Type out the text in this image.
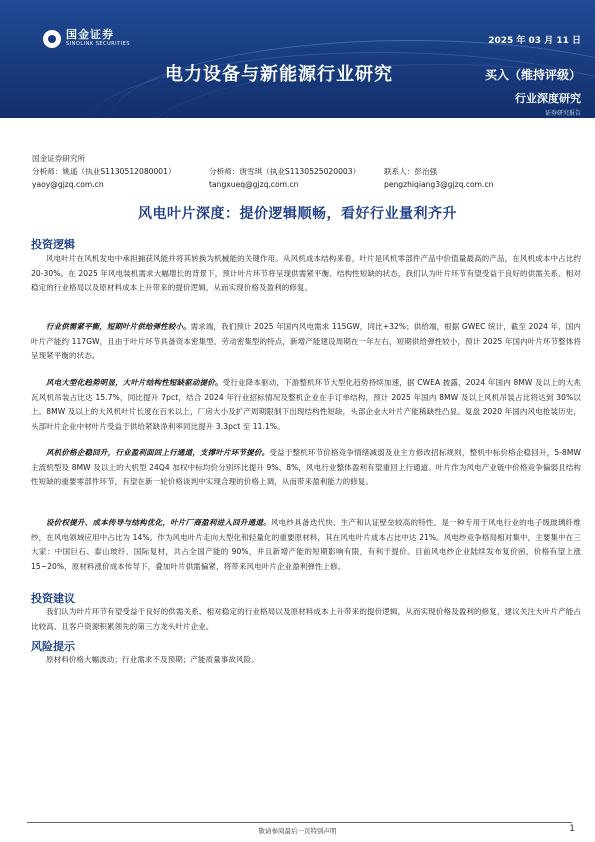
国金证券
SINOLINK SECURITIES	2025 年 03 月 11 日
电力设备与新能源行业研究	买入（维持评级）
行业深度研究
证券研究报告
国金证券研究所
分析师：姚遥（执业S1130512080001）	分析师：唐雪琪（执业S1130525020003）	联系人：彭治强
yaoy@gjzq.com.cn	tangxueq@gjzq.com.cn	pengzhiqiang3@gjzq.com.cn
风电叶片深度：提价逻辑顺畅，看好行业量利齐升
投资逻辑
风电叶片在风机发电中承担捕获风能并将其转换为机械能的关键作用。从风机成本结构来看，叶片是风机零部件产品中价值量最高的产品，在风机成本中占比约 20-30%。在 2025 年风电装机需求大幅增长的背景下，预计叶片环节将呈现供需紧平衡、结构性短缺的状态，我们认为叶片环节有望受益于良好的供需关系、相对稳定的行业格局以及原材料成本上升带来的提价逻辑，从而实现价格及盈利的修复。
行业供需紧平衡，短期叶片供给弹性较小。需求端，我们预计 2025 年国内风电需求 115GW，同比+32%；供给端，根据 GWEC 统计，截至 2024 年，国内叶片产能约 117GW，且由于叶片环节具备资本密集型、劳动密集型的特点，新增产能建设周期在一年左右，短期供给弹性较小，预计 2025 年国内叶片环节整体将呈现紧平衡的状态。
风电大型化趋势明显，大叶片结构性短缺驱动提价。受行业降本驱动，下游整机环节大型化趋势持续加速，据 CWEA 披露，2024 年国内 8MW 及以上的大兆瓦风机吊装占比达 15.7%，同比提升 7pct，结合 2024 年行业招标情况及整机企业在手订单结构，预计 2025 年国内 8MW 及以上风机吊装占比将达到 30%以上。8MW 及以上的大风机叶片长度在百米以上，厂房大小及扩产周期限制下出现结构性短缺，头部企业大叶片产能稀缺性凸显。复盘 2020 年国内风电抢装历史，头部叶片企业中材叶片受益于供给紧缺净利率同比提升 3.3pct 至 11.1%。
风机价格企稳回升，行业盈利面回上行通道，支撑叶片环节提价。受益于整机环节价格竞争情绪减弱及业主方修改招标规则，整机中标价格企稳回升，5-8MW 主流机型及 8MW 及以上的大机型 24Q4 加权中标均价分别环比提升 9%、8%，风电行业整体盈利有望重回上行通道。叶片作为风电产业链中价格竞争偏弱且结构性短缺的重要零部件环节，有望在新一轮价格谈判中实现合理的价格上调，从而带来盈利能力的修复。
设价权提升、成本传导与结构优化，叶片厂商盈利进入回升通道。风电纱具备迭代快、生产和认证壁垒较高的特性，是一种专用于风电行业的电子级玻璃纤维纱，在风电领域应用中占比为 14%。作为风电叶片走向大型化和轻量化的重要原材料，其在风电叶片成本占比中达 21%。风电纱竞争格局相对集中，主要集中在三大家：中国巨石、泰山玻纤、国际复材，共占全国产能的 90%，并且新增产能的短期影响有限，有利于提价。目前风电纱企业陆续发布复价函，价格有望上涨 15~20%，原材料涨价成本传导下，叠加叶片供需偏紧，将带来风电叶片企业盈利弹性上修。
投资建议
我们认为叶片环节有望受益于良好的供需关系、相对稳定的行业格局以及原材料成本上升带来的提价逻辑，从而实现价格及盈利的修复，建议关注大叶片产能占比较高、且客户资源积累领先的第三方龙头叶片企业。
风险提示
原材料价格大幅波动；行业需求不及预期；产能质量事故风险。
敬请参阅最后一页特别声明	1
